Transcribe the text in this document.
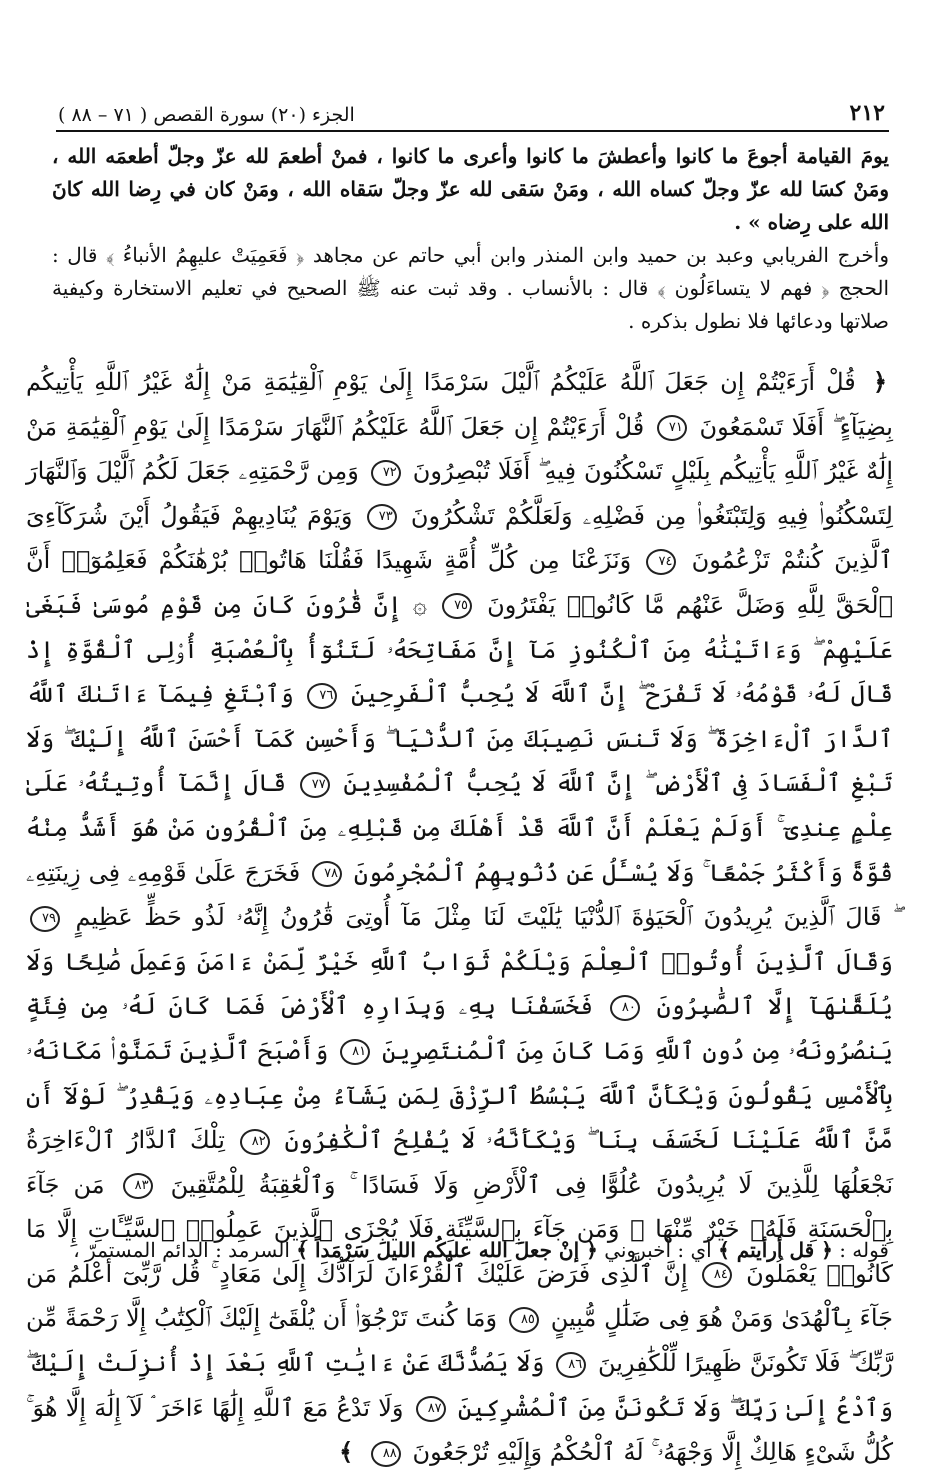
٢١٢
الجزء (٢٠) سورة القصص ( ٧١ – ٨٨ )

يومَ القيامة أجوعَ ما كانوا وأعطشَ ما كانوا وأعرى ما كانوا ، فمنْ أطعمَ لله عزّ وجلّ أطعمَه الله ، ومَنْ كسَا لله عزّ وجلّ كساه الله ، ومَنْ سَقى لله عزّ وجلّ سَقاه الله ، ومَنْ كان في رِضا الله كانَ الله على رِضاه » .

وأخرج الفريابي وعبد بن حميد وابن المنذر وابن أبي حاتم عن مجاهد ﴿ فَعَمِيَتْ عليهِمُ الأنباءُ ﴾ قال : الحجج ﴿ فهم لا يتساءَلُون ﴾ قال : بالأنساب . وقد ثبت عنه ﷺ الصحيح في تعليم الاستخارة وكيفية صلاتها ودعائها فلا نطول بذكره .

﴿ قُلْ أَرَءَيْتُمْ إِن جَعَلَ ٱللَّهُ عَلَيْكُمُ ٱلَّيْلَ سَرْمَدًا إِلَىٰ يَوْمِ ٱلْقِيَٰمَةِ مَنْ إِلَٰهٌ غَيْرُ ٱللَّهِ يَأْتِيكُم بِضِيَآءٍ ۖ أَفَلَا تَسْمَعُونَ ٧١ قُلْ أَرَءَيْتُمْ إِن جَعَلَ ٱللَّهُ عَلَيْكُمُ ٱلنَّهَارَ سَرْمَدًا إِلَىٰ يَوْمِ ٱلْقِيَٰمَةِ مَنْ إِلَٰهٌ غَيْرُ ٱللَّهِ يَأْتِيكُم بِلَيْلٍ تَسْكُنُونَ فِيهِ ۖ أَفَلَا تُبْصِرُونَ ٧٢ وَمِن رَّحْمَتِهِۦ جَعَلَ لَكُمُ ٱلَّيْلَ وَٱلنَّهَارَ لِتَسْكُنُوا۟ فِيهِ وَلِتَبْتَغُوا۟ مِن فَضْلِهِۦ وَلَعَلَّكُمْ تَشْكُرُونَ ٧٣ وَيَوْمَ يُنَادِيهِمْ فَيَقُولُ أَيْنَ شُرَكَآءِىَ ٱلَّذِينَ كُنتُمْ تَزْعُمُونَ ٧٤ وَنَزَعْنَا مِن كُلِّ أُمَّةٍ شَهِيدًا فَقُلْنَا هَاتُوا۟ بُرْهَٰنَكُمْ فَعَلِمُوٓا۟ أَنَّ ٱلْحَقَّ لِلَّهِ وَضَلَّ عَنْهُم مَّا كَانُوا۟ يَفْتَرُونَ ٧٥ ۞ إِنَّ قَٰرُونَ كَانَ مِن قَوْمِ مُوسَىٰ فَبَغَىٰ عَلَيْهِمْ ۖ وَءَاتَيْنَٰهُ مِنَ ٱلْكُنُوزِ مَآ إِنَّ مَفَاتِحَهُۥ لَتَنُوٓأُ بِٱلْعُصْبَةِ أُو۟لِى ٱلْقُوَّةِ إِذْ قَالَ لَهُۥ قَوْمُهُۥ لَا تَفْرَحْ ۖ إِنَّ ٱللَّهَ لَا يُحِبُّ ٱلْفَرِحِينَ ٧٦ وَٱبْتَغِ فِيمَآ ءَاتَىٰكَ ٱللَّهُ ٱلدَّارَ ٱلْءَاخِرَةَ ۖ وَلَا تَنسَ نَصِيبَكَ مِنَ ٱلدُّنْيَا ۖ وَأَحْسِن كَمَآ أَحْسَنَ ٱللَّهُ إِلَيْكَ ۖ وَلَا تَبْغِ ٱلْفَسَادَ فِى ٱلْأَرْضِ ۖ إِنَّ ٱللَّهَ لَا يُحِبُّ ٱلْمُفْسِدِينَ ٧٧ قَالَ إِنَّمَآ أُوتِيتُهُۥ عَلَىٰ عِلْمٍ عِندِىٓ ۚ أَوَلَمْ يَعْلَمْ أَنَّ ٱللَّهَ قَدْ أَهْلَكَ مِن قَبْلِهِۦ مِنَ ٱلْقُرُونِ مَنْ هُوَ أَشَدُّ مِنْهُ قُوَّةً وَأَكْثَرُ جَمْعًا ۚ وَلَا يُسْـَٔلُ عَن ذُنُوبِهِمُ ٱلْمُجْرِمُونَ ٧٨ فَخَرَجَ عَلَىٰ قَوْمِهِۦ فِى زِينَتِهِۦ ۖ قَالَ ٱلَّذِينَ يُرِيدُونَ ٱلْحَيَوٰةَ ٱلدُّنْيَا يَٰلَيْتَ لَنَا مِثْلَ مَآ أُوتِىَ قَٰرُونُ إِنَّهُۥ لَذُو حَظٍّ عَظِيمٍ ٧٩ وَقَالَ ٱلَّذِينَ أُوتُوا۟ ٱلْعِلْمَ وَيْلَكُمْ ثَوَابُ ٱللَّهِ خَيْرٌ لِّمَنْ ءَامَنَ وَعَمِلَ صَٰلِحًا وَلَا يُلَقَّىٰهَآ إِلَّا ٱلصَّٰبِرُونَ ٨٠ فَخَسَفْنَا بِهِۦ وَبِدَارِهِ ٱلْأَرْضَ فَمَا كَانَ لَهُۥ مِن فِئَةٍ يَنصُرُونَهُۥ مِن دُونِ ٱللَّهِ وَمَا كَانَ مِنَ ٱلْمُنتَصِرِينَ ٨١ وَأَصْبَحَ ٱلَّذِينَ تَمَنَّوْا۟ مَكَانَهُۥ بِٱلْأَمْسِ يَقُولُونَ وَيْكَأَنَّ ٱللَّهَ يَبْسُطُ ٱلرِّزْقَ لِمَن يَشَآءُ مِنْ عِبَادِهِۦ وَيَقْدِرُ ۖ لَوْلَآ أَن مَّنَّ ٱللَّهُ عَلَيْنَا لَخَسَفَ بِنَا ۖ وَيْكَأَنَّهُۥ لَا يُفْلِحُ ٱلْكَٰفِرُونَ ٨٢ تِلْكَ ٱلدَّارُ ٱلْءَاخِرَةُ نَجْعَلُهَا لِلَّذِينَ لَا يُرِيدُونَ عُلُوًّا فِى ٱلْأَرْضِ وَلَا فَسَادًا ۚ وَٱلْعَٰقِبَةُ لِلْمُتَّقِينَ ٨٣ مَن جَآءَ بِٱلْحَسَنَةِ فَلَهُۥ خَيْرٌ مِّنْهَا ۖ وَمَن جَآءَ بِٱلسَّيِّئَةِ فَلَا يُجْزَى ٱلَّذِينَ عَمِلُوا۟ ٱلسَّيِّـَٔاتِ إِلَّا مَا كَانُوا۟ يَعْمَلُونَ ٨٤ إِنَّ ٱلَّذِى فَرَضَ عَلَيْكَ ٱلْقُرْءَانَ لَرَآدُّكَ إِلَىٰ مَعَادٍ ۚ قُل رَّبِّىٓ أَعْلَمُ مَن جَآءَ بِٱلْهُدَىٰ وَمَنْ هُوَ فِى ضَلَٰلٍ مُّبِينٍ ٨٥ وَمَا كُنتَ تَرْجُوٓا۟ أَن يُلْقَىٰٓ إِلَيْكَ ٱلْكِتَٰبُ إِلَّا رَحْمَةً مِّن رَّبِّكَ ۖ فَلَا تَكُونَنَّ ظَهِيرًا لِّلْكَٰفِرِينَ ٨٦ وَلَا يَصُدُّنَّكَ عَنْ ءَايَٰتِ ٱللَّهِ بَعْدَ إِذْ أُنزِلَتْ إِلَيْكَ ۖ وَٱدْعُ إِلَىٰ رَبِّكَ ۖ وَلَا تَكُونَنَّ مِنَ ٱلْمُشْرِكِينَ ٨٧ وَلَا تَدْعُ مَعَ ٱللَّهِ إِلَٰهًا ءَاخَرَ ۘ لَآ إِلَٰهَ إِلَّا هُوَ ۚ كُلُّ شَىْءٍ هَالِكٌ إِلَّا وَجْهَهُۥ ۚ لَهُ ٱلْحُكْمُ وَإِلَيْهِ تُرْجَعُونَ ٨٨ ﴾
قوله : ﴿ قل أرأيتم ﴾ أي : أخبروني ﴿ إنْ جعلَ الله عليكُم الليلَ سَرْمَداً ﴾ السرمد : الدائم المستمرّ ،
